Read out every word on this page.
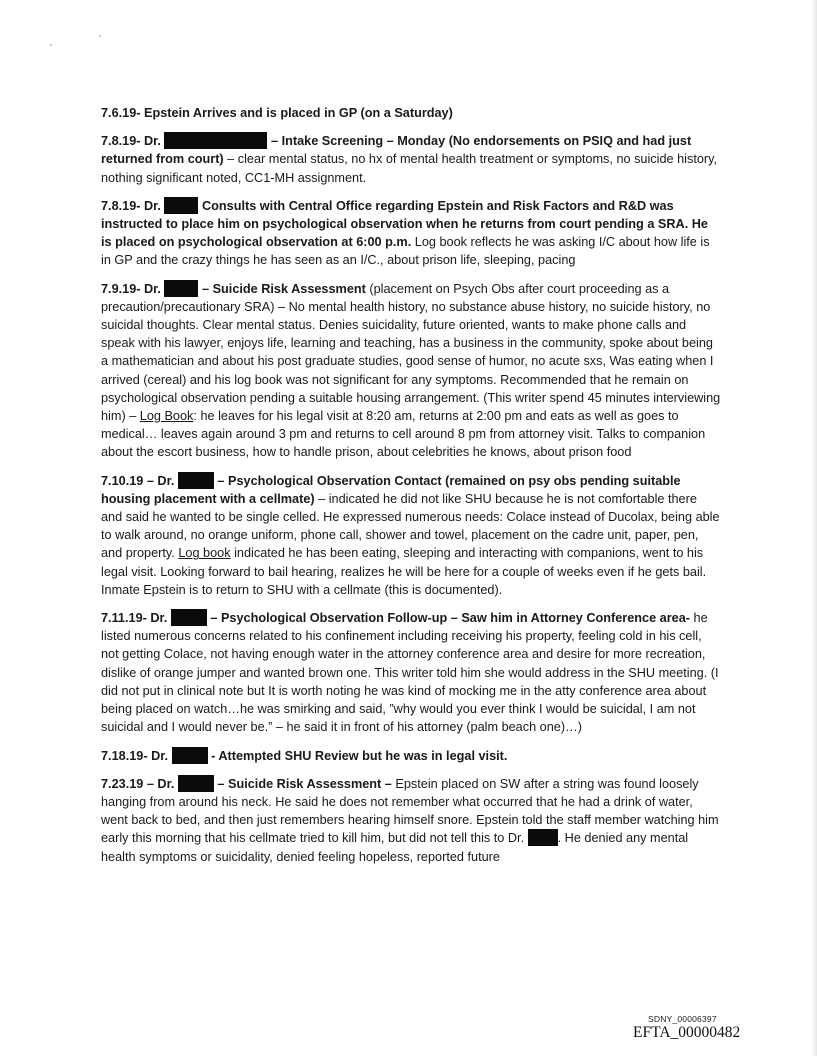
7.6.19- Epstein Arrives and is placed in GP (on a Saturday)

7.8.19- Dr.	– Intake Screening – Monday (No endorsements on PSIQ and had just returned from court) – clear mental status, no hx of mental health treatment or symptoms, no suicide history, nothing significant noted, CC1-MH assignment.

7.8.19- Dr.	Consults with Central Office regarding Epstein and Risk Factors and R&D was instructed to place him on psychological observation when he returns from court pending a SRA. He is placed on psychological observation at 6:00 p.m. Log book reflects he was asking I/C about how life is in GP and the crazy things he has seen as an I/C., about prison life, sleeping, pacing

7.9.19- Dr.	– Suicide Risk Assessment (placement on Psych Obs after court proceeding as a precaution/precautionary SRA) – No mental health history, no substance abuse history, no suicide history, no suicidal thoughts. Clear mental status. Denies suicidality, future oriented, wants to make phone calls and speak with his lawyer, enjoys life, learning and teaching, has a business in the community, spoke about being a mathematician and about his post graduate studies, good sense of humor, no acute sxs, Was eating when I arrived (cereal) and his log book was not significant for any symptoms. Recommended that he remain on psychological observation pending a suitable housing arrangement. (This writer spend 45 minutes interviewing him) – Log Book: he leaves for his legal visit at 8:20 am, returns at 2:00 pm and eats as well as goes to medical… leaves again around 3 pm and returns to cell around 8 pm from attorney visit. Talks to companion about the escort business, how to handle prison, about celebrities he knows, about prison food

7.10.19 – Dr.	– Psychological Observation Contact (remained on psy obs pending suitable housing placement with a cellmate) – indicated he did not like SHU because he is not comfortable there and said he wanted to be single celled. He expressed numerous needs: Colace instead of Ducolax, being able to walk around, no orange uniform, phone call, shower and towel, placement on the cadre unit, paper, pen, and property. Log book indicated he has been eating, sleeping and interacting with companions, went to his legal visit. Looking forward to bail hearing, realizes he will be here for a couple of weeks even if he gets bail. Inmate Epstein is to return to SHU with a cellmate (this is documented).

7.11.19- Dr.	– Psychological Observation Follow-up – Saw him in Attorney Conference area- he listed numerous concerns related to his confinement including receiving his property, feeling cold in his cell, not getting Colace, not having enough water in the attorney conference area and desire for more recreation, dislike of orange jumper and wanted brown one. This writer told him she would address in the SHU meeting. (I did not put in clinical note but It is worth noting he was kind of mocking me in the atty conference area about being placed on watch…he was smirking and said, ”why would you ever think I would be suicidal, I am not suicidal and I would never be.” – he said it in front of his attorney (palm beach one)…)

7.18.19- Dr.	- Attempted SHU Review but he was in legal visit.

7.23.19 – Dr.	– Suicide Risk Assessment – Epstein placed on SW after a string was found loosely hanging from around his neck. He said he does not remember what occurred that he had a drink of water, went back to bed, and then just remembers hearing himself snore. Epstein told the staff member watching him early this morning that his cellmate tried to kill him, but did not tell this to Dr. . He denied any mental health symptoms or suicidality, denied feeling hopeless, reported future

SDNY_00006397
EFTA_00000482
